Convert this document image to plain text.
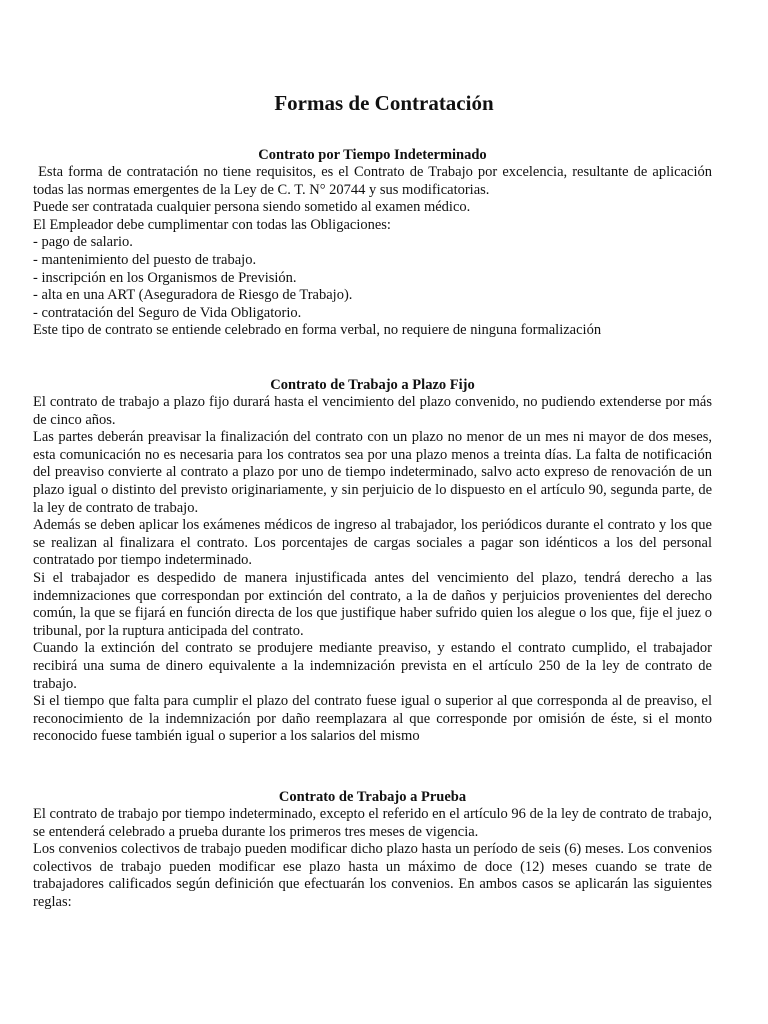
Formas de Contratación
Contrato por Tiempo Indeterminado

Esta forma de contratación no tiene requisitos, es el Contrato de Trabajo por excelencia, resultante de aplicación todas las normas emergentes de la Ley de C. T. N° 20744 y sus modificatorias.

Puede ser contratada cualquier persona siendo sometido al examen médico.

El Empleador debe cumplimentar con todas las Obligaciones:

- pago de salario.

- mantenimiento del puesto de trabajo.

- inscripción en los Organismos de Previsión.

- alta en una ART (Aseguradora de Riesgo de Trabajo).

- contratación del Seguro de Vida Obligatorio.

Este tipo de contrato se entiende celebrado en forma verbal, no requiere de ninguna formalización

Contrato de Trabajo a Plazo Fijo

El contrato de trabajo a plazo fijo durará hasta el vencimiento del plazo convenido, no pudiendo extenderse por más de cinco años.

Las partes deberán preavisar la finalización del contrato con un plazo no menor de un mes ni mayor de dos meses, esta comunicación no es necesaria para los contratos sea por una plazo menos a treinta días. La falta de notificación del preaviso convierte al contrato a plazo por uno de tiempo indeterminado, salvo acto expreso de renovación de un plazo igual o distinto del previsto originariamente, y sin perjuicio de lo dispuesto en el artículo 90, segunda parte, de la ley de contrato de trabajo.

Además se deben aplicar los exámenes médicos de ingreso al trabajador, los periódicos durante el contrato y los que se realizan al finalizara el contrato. Los porcentajes de cargas sociales a pagar son idénticos a los del personal contratado por tiempo indeterminado.

Si el trabajador es despedido de manera injustificada antes del vencimiento del plazo, tendrá derecho a las indemnizaciones que correspondan por extinción del contrato, a la de daños y perjuicios provenientes del derecho común, la que se fijará en función directa de los que justifique haber sufrido quien los alegue o los que, fije el juez o tribunal, por la ruptura anticipada del contrato.

Cuando la extinción del contrato se produjere mediante preaviso, y estando el contrato cumplido, el trabajador recibirá una suma de dinero equivalente a la indemnización prevista en el artículo 250 de la ley de contrato de trabajo.

Si el tiempo que falta para cumplir el plazo del contrato fuese igual o superior al que corresponda al de preaviso, el reconocimiento de la indemnización por daño reemplazara al que corresponde por omisión de éste, si el monto reconocido fuese también igual o superior a los salarios del mismo

Contrato de Trabajo a Prueba

El contrato de trabajo por tiempo indeterminado, excepto el referido en el artículo 96 de la ley de contrato de trabajo, se entenderá celebrado a prueba durante los primeros tres meses de vigencia.

Los convenios colectivos de trabajo pueden modificar dicho plazo hasta un período de seis (6) meses. Los convenios colectivos de trabajo pueden modificar ese plazo hasta un máximo de doce (12) meses cuando se trate de trabajadores calificados según definición que efectuarán los convenios. En ambos casos se aplicarán las siguientes reglas:
